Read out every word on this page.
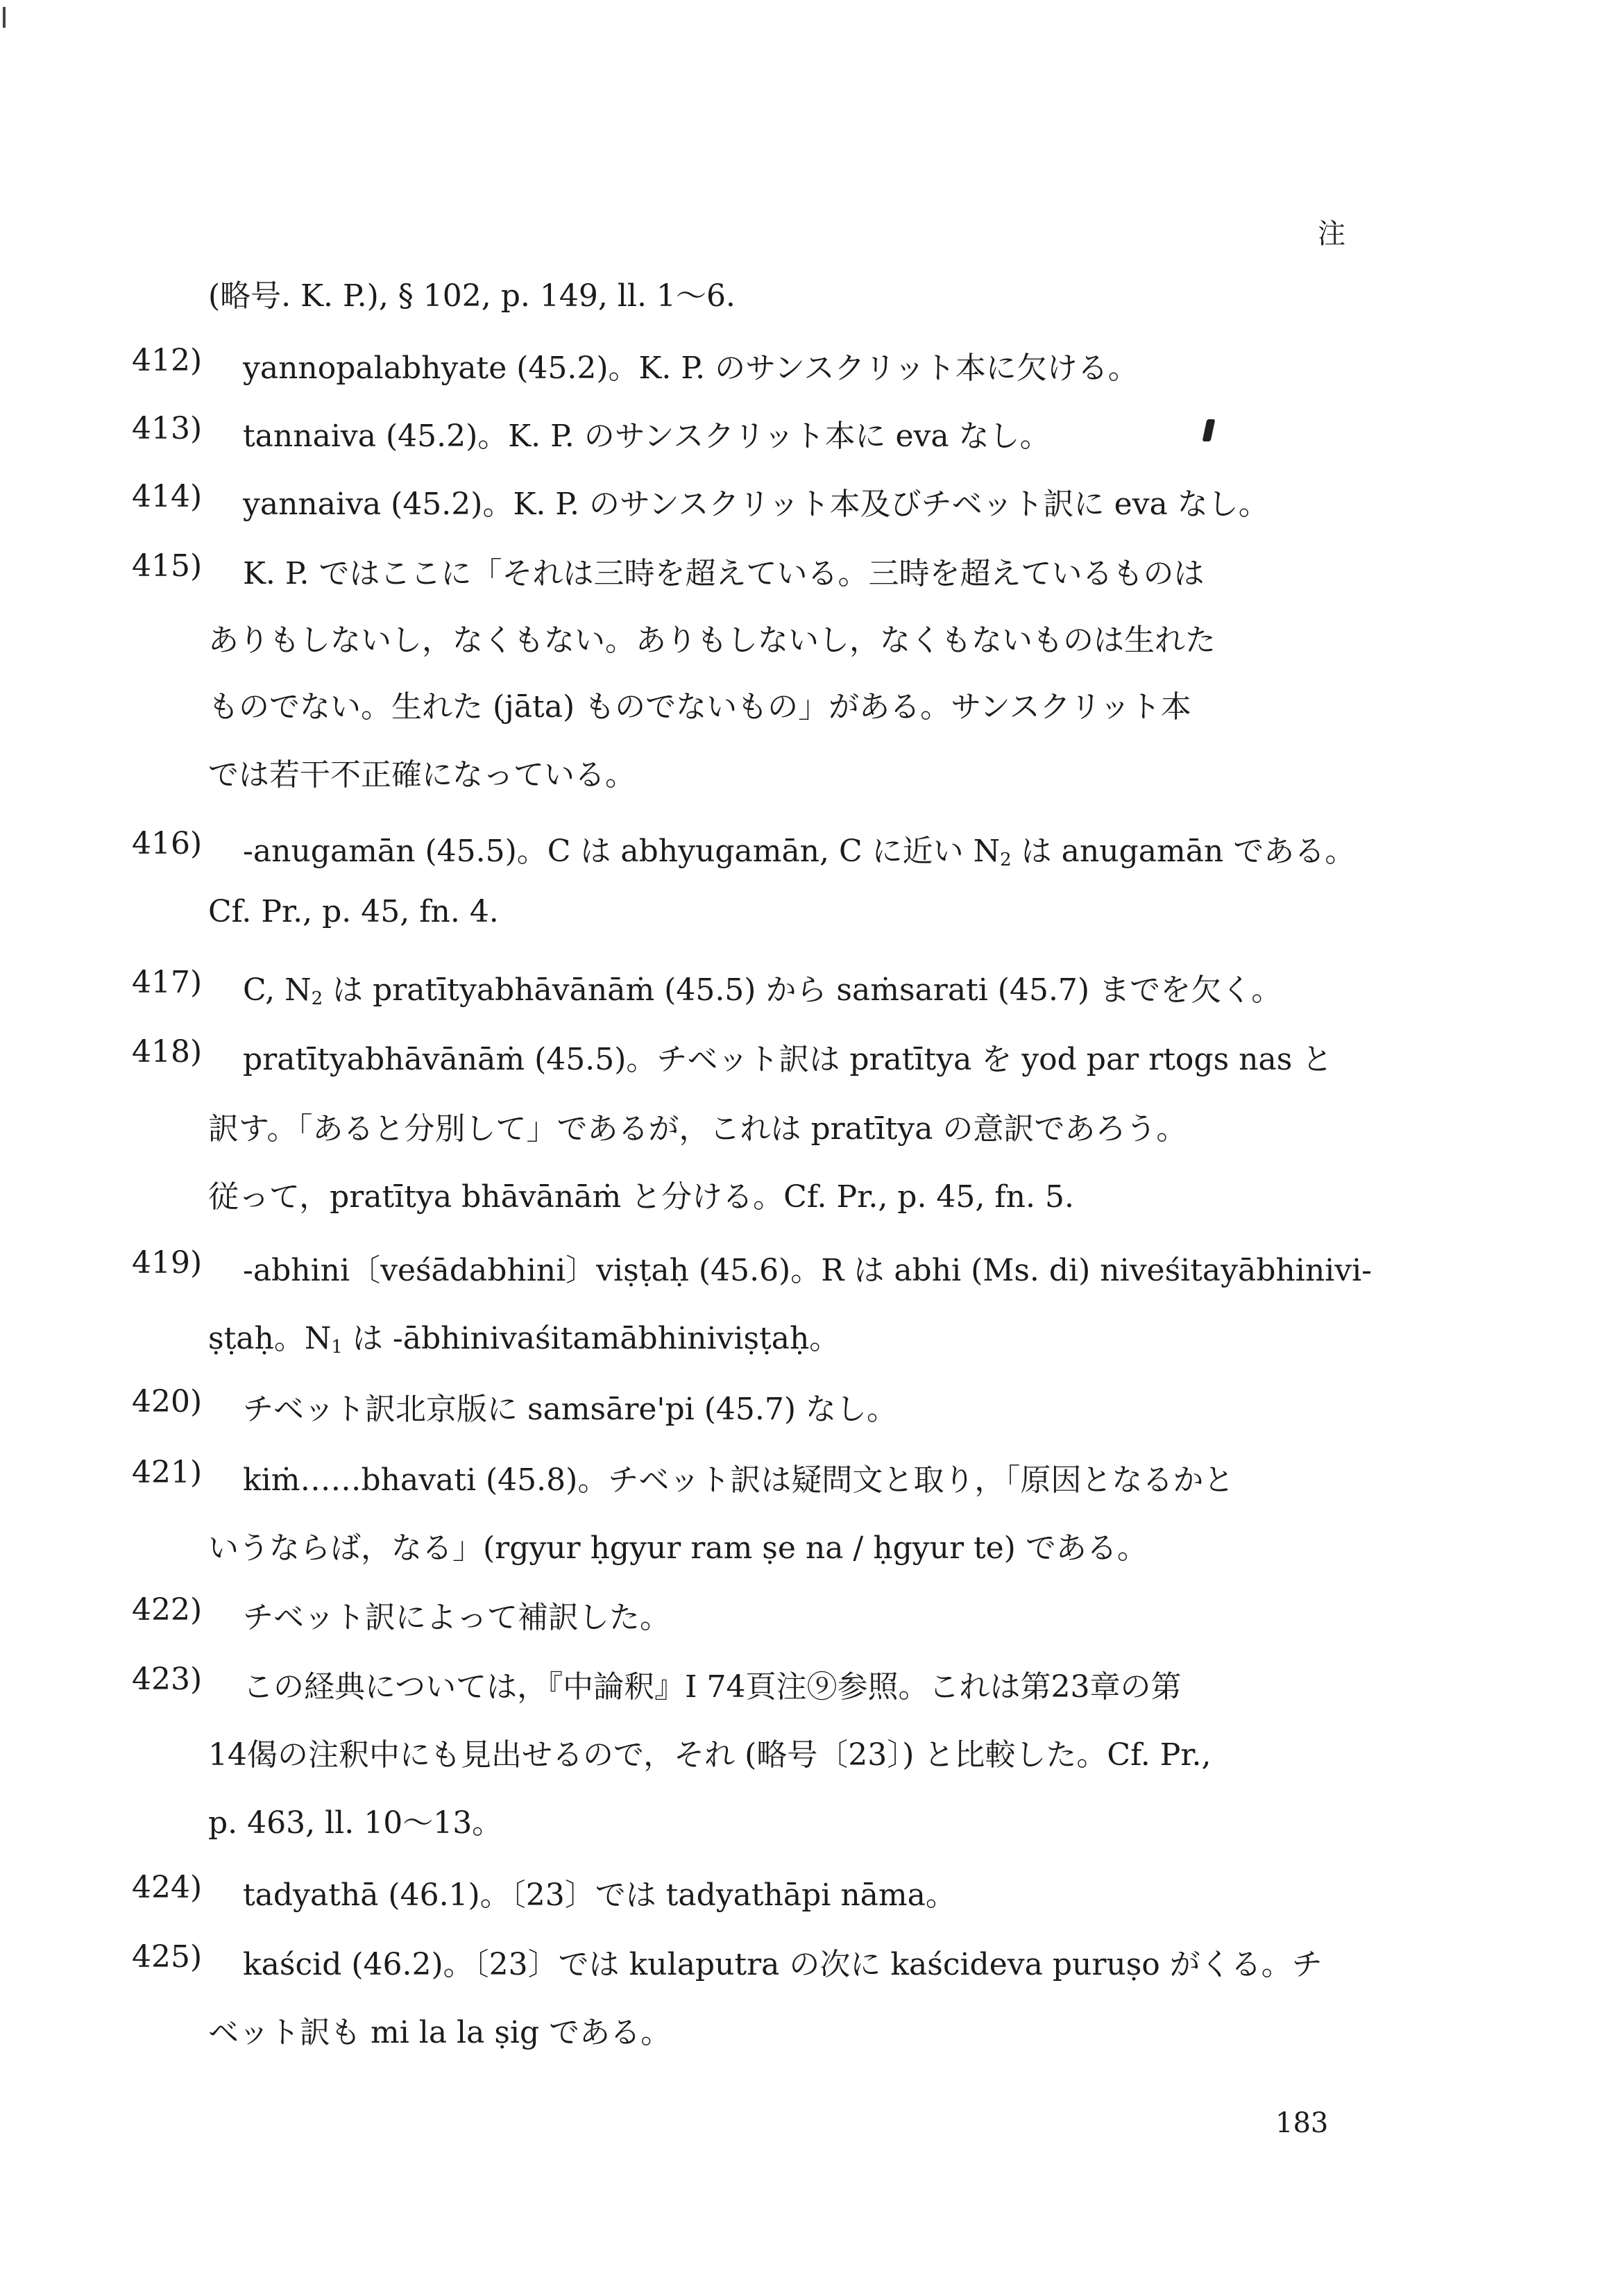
注
(略号. K. P.), § 102, p. 149, ll. 1〜6.
412) yannopalabhyate (45.2)。K. P. のサンスクリット本に欠ける。
413) tannaiva (45.2)。K. P. のサンスクリット本に eva なし。
414) yannaiva (45.2)。K. P. のサンスクリット本及びチベット訳に eva なし。
415) K. P. ではここに「それは三時を超えている。三時を超えているものは
ありもしないし，なくもない。ありもしないし，なくもないものは生れた
ものでない。生れた (jāta) ものでないもの」がある。サンスクリット本
では若干不正確になっている。
416) -anugamān (45.5)。C は abhyugamān, C に近い $N_2$ は anugamān である。
Cf. Pr., p. 45, fn. 4.
417) C, $N_2$ は pratītyabhāvānāṁ (45.5) から saṁsarati (45.7) までを欠く。
418) pratītyabhāvānāṁ (45.5)。チベット訳は pratītya を yod par rtogs nas と
訳す。「あると分別して」であるが，これは pratītya の意訳であろう。
従って，pratītya bhāvānāṁ と分ける。Cf. Pr., p. 45, fn. 5.
419) -abhini〔veśādabhini〕viṣṭaḥ (45.6)。R は abhi (Ms. di) niveśitayābhinivi-
ṣṭaḥ。$N_1$ は -ābhinivaśitamābhiniviṣṭaḥ。
420) チベット訳北京版に samsāre'pi (45.7) なし。
421) kiṁ……bhavati (45.8)。チベット訳は疑問文と取り，「原因となるかと
いうならば，なる」(rgyur ḥgyur ram ṣe na / ḥgyur te) である。
422) チベット訳によって補訳した。
423) この経典については，『中論釈』I 74頁注⑨参照。これは第23章の第
14偈の注釈中にも見出せるので，それ (略号〔23〕) と比較した。Cf. Pr.,
p. 463, ll. 10〜13。
424) tadyathā (46.1)。〔23〕では tadyathāpi nāma。
425) kaścid (46.2)。〔23〕では kulaputra の次に kaścideva puruṣo がくる。チ
ベット訳も mi la la ṣig である。
183
